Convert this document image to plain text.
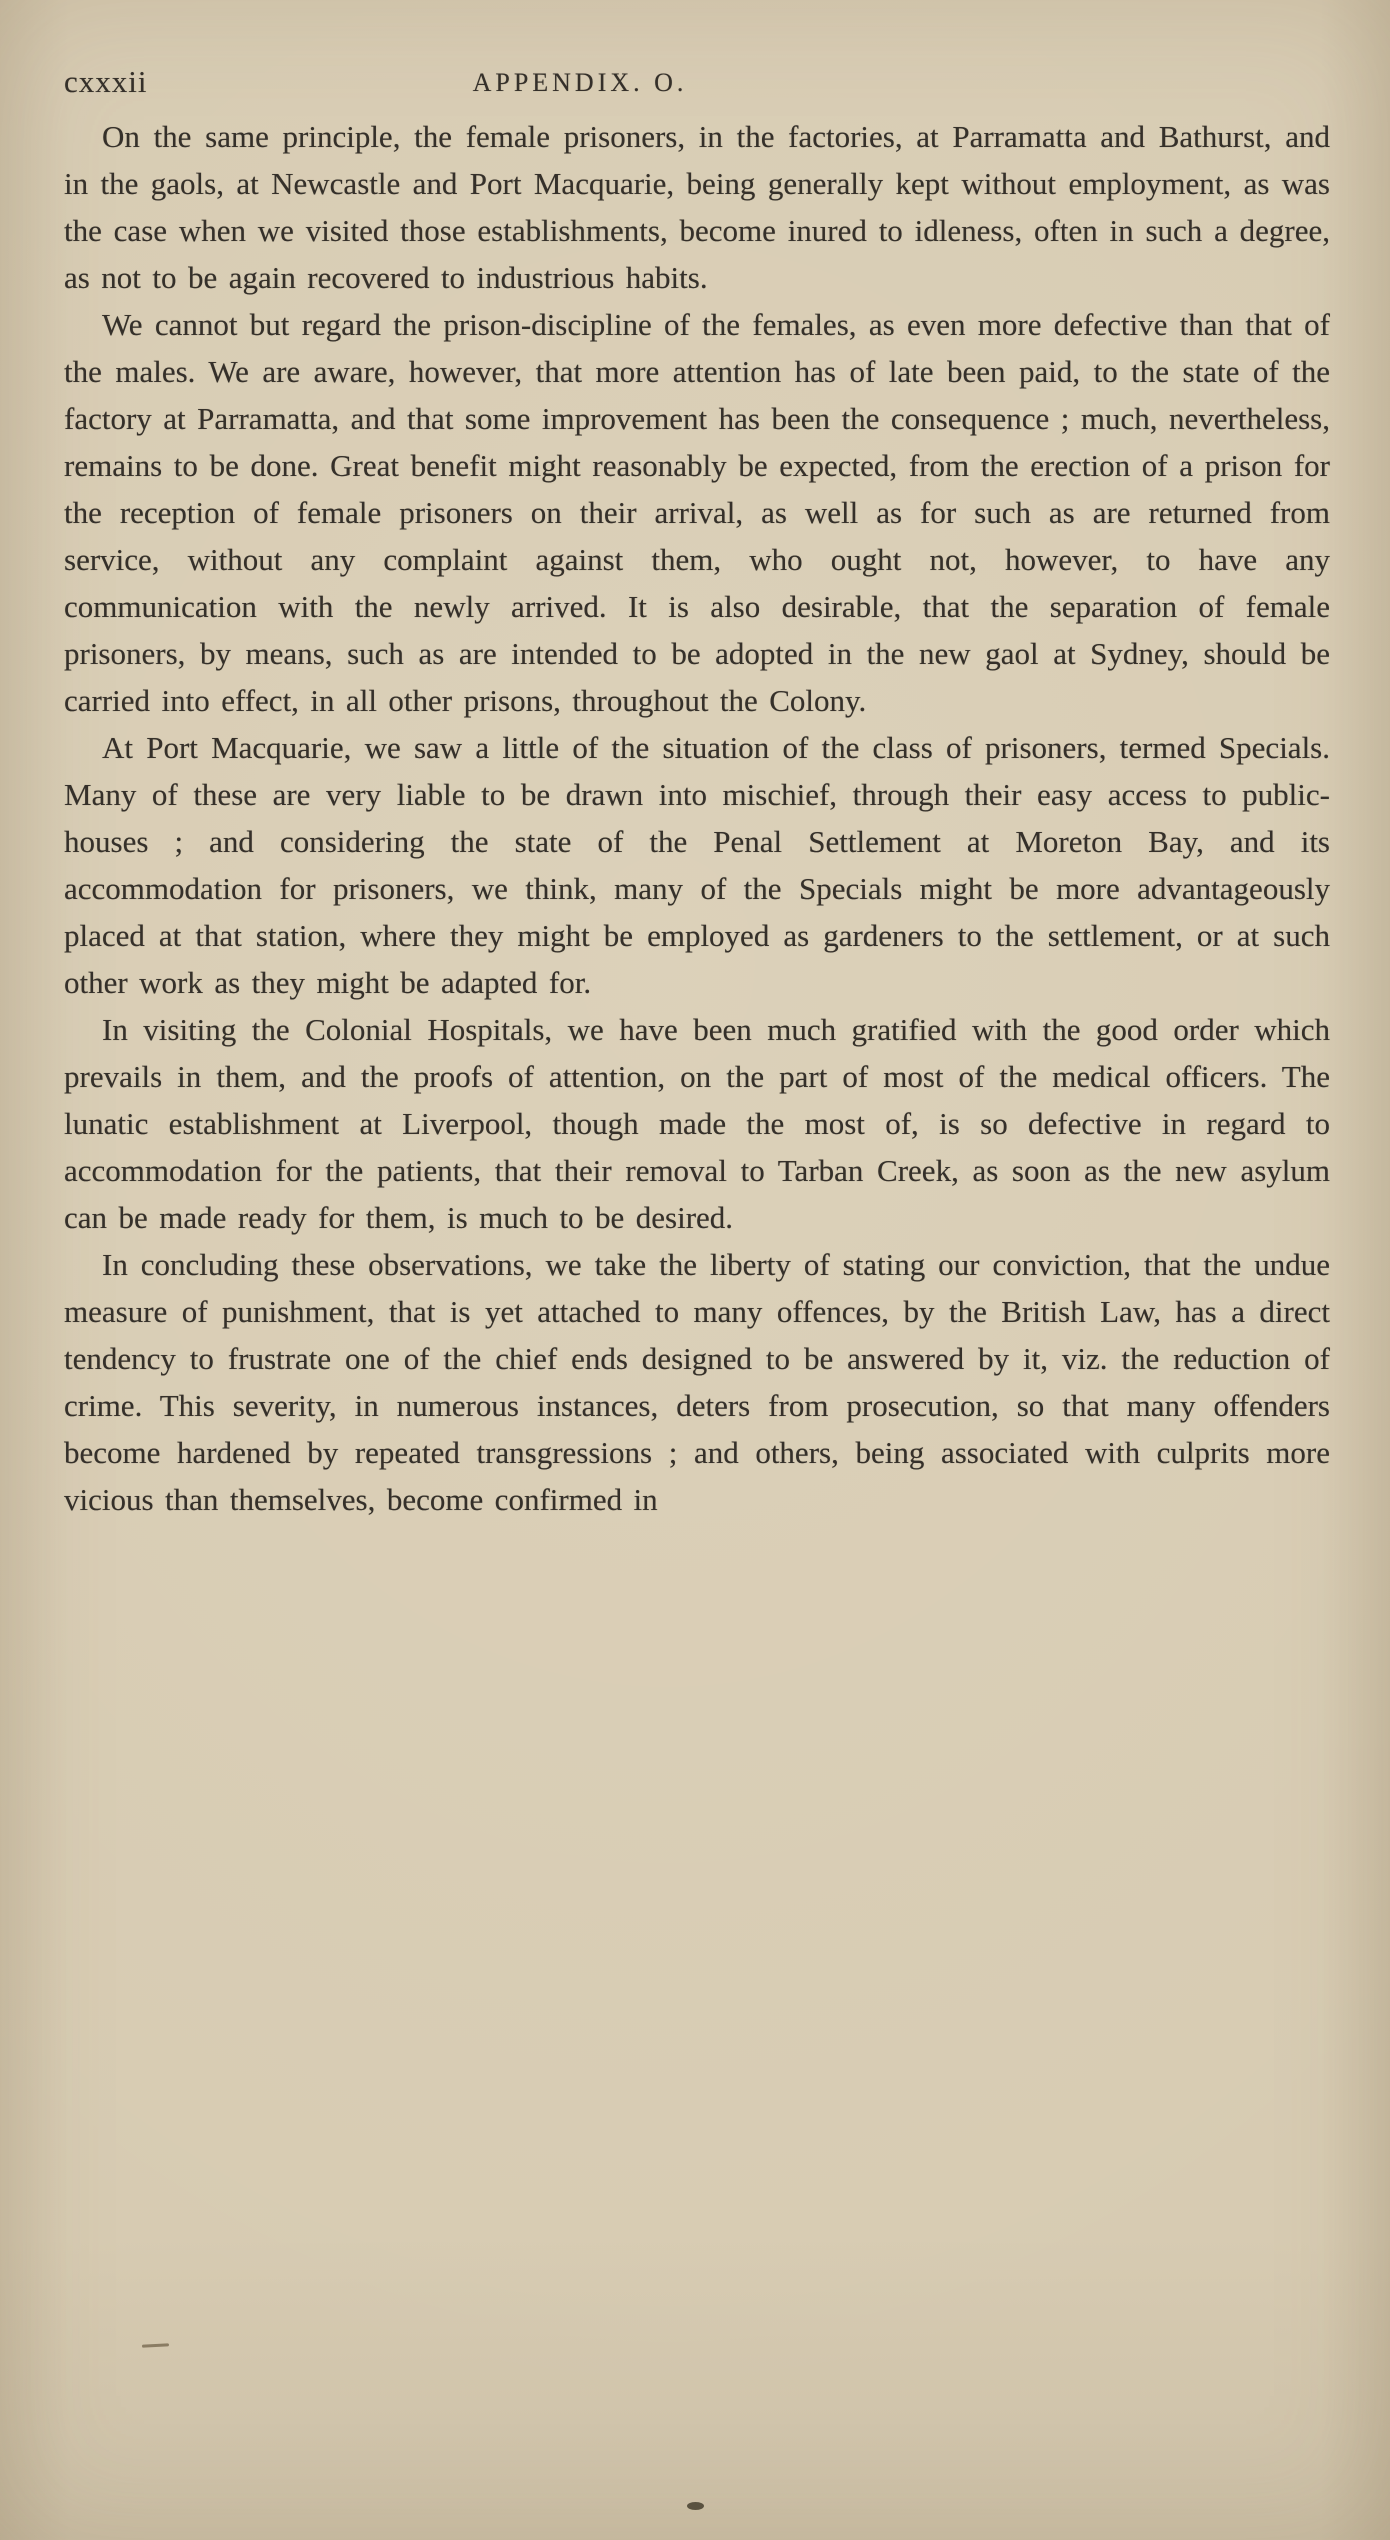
cxxxii	APPENDIX. O.

On the same principle, the female prisoners, in the factories, at Parramatta and Bathurst, and in the gaols, at Newcastle and Port Macquarie, being generally kept without employment, as was the case when we visited those establishments, become inured to idleness, often in such a degree, as not to be again recovered to industrious habits.

We cannot but regard the prison-discipline of the females, as even more defective than that of the males. We are aware, however, that more attention has of late been paid, to the state of the factory at Parramatta, and that some improvement has been the consequence ; much, nevertheless, remains to be done. Great benefit might reasonably be expected, from the erection of a prison for the reception of female prisoners on their arrival, as well as for such as are returned from service, without any complaint against them, who ought not, however, to have any communication with the newly arrived. It is also desirable, that the separation of female prisoners, by means, such as are intended to be adopted in the new gaol at Sydney, should be carried into effect, in all other prisons, throughout the Colony.

At Port Macquarie, we saw a little of the situation of the class of prisoners, termed Specials. Many of these are very liable to be drawn into mischief, through their easy access to public-houses ; and considering the state of the Penal Settlement at Moreton Bay, and its accommodation for prisoners, we think, many of the Specials might be more advantageously placed at that station, where they might be employed as gardeners to the settlement, or at such other work as they might be adapted for.

In visiting the Colonial Hospitals, we have been much gratified with the good order which prevails in them, and the proofs of attention, on the part of most of the medical officers. The lunatic establishment at Liverpool, though made the most of, is so defective in regard to accommodation for the patients, that their removal to Tarban Creek, as soon as the new asylum can be made ready for them, is much to be desired.

In concluding these observations, we take the liberty of stating our conviction, that the undue measure of punishment, that is yet attached to many offences, by the British Law, has a direct tendency to frustrate one of the chief ends designed to be answered by it, viz. the reduction of crime. This severity, in numerous instances, deters from prosecution, so that many offenders become hardened by repeated transgressions ; and others, being associated with culprits more vicious than themselves, become confirmed in
